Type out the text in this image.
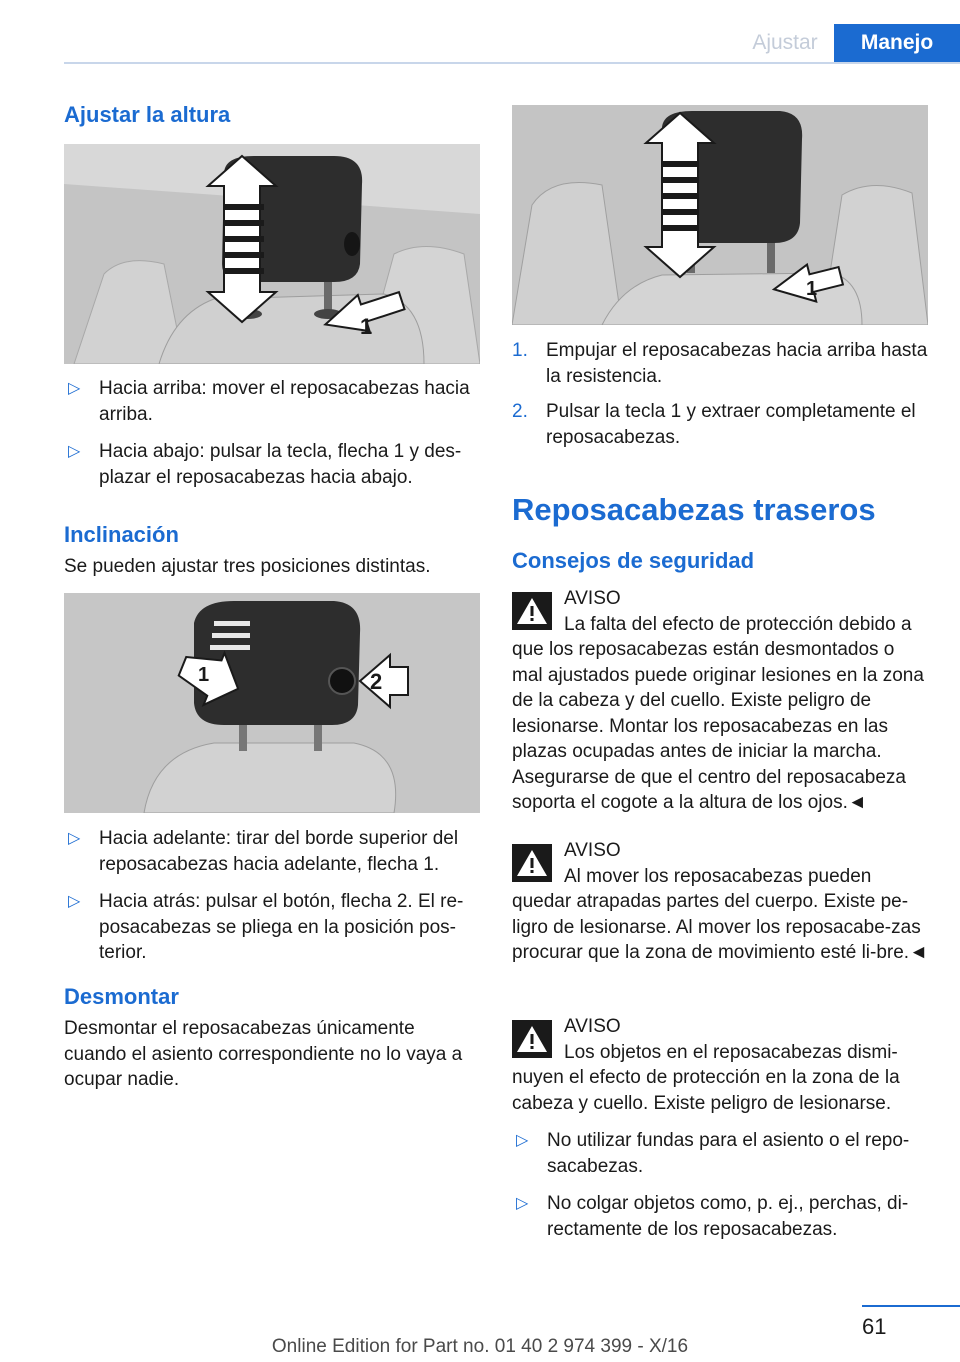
Ajustar	Manejo
Ajustar la altura
1
▷ Hacia arriba: mover el reposacabezas hacia arriba.
▷ Hacia abajo: pulsar la tecla, flecha 1 y des-plazar el reposacabezas hacia abajo.
Inclinación

Se pueden ajustar tres posiciones distintas.

1	2
▷ Hacia adelante: tirar del borde superior del reposacabezas hacia adelante, flecha 1.
▷ Hacia atrás: pulsar el botón, flecha 2. El re-posacabezas se pliega en la posición pos-terior.
Desmontar

Desmontar el reposacabezas únicamente cuando el asiento correspondiente no lo vaya a ocupar nadie.

1
1. Empujar el reposacabezas hacia arriba hasta la resistencia.
2. Pulsar la tecla 1 y extraer completamente el reposacabezas.
Reposacabezas traseros
Consejos de seguridad
AVISO
La falta del efecto de protección debido a
que los reposacabezas están desmontados o mal ajustados puede originar lesiones en la zona de la cabeza y del cuello. Existe peligro de lesionarse. Montar los reposacabezas en las plazas ocupadas antes de iniciar la marcha. Asegurarse de que el centro del reposacabeza soporta el cogote a la altura de los ojos.◄
AVISO
Al mover los reposacabezas pueden
quedar atrapadas partes del cuerpo. Existe pe-ligro de lesionarse. Al mover los reposacabe-zas procurar que la zona de movimiento esté li-bre.◄
AVISO
Los objetos en el reposacabezas dismi-
nuyen el efecto de protección en la zona de la cabeza y cuello. Existe peligro de lesionarse.
▷ No utilizar fundas para el asiento o el repo-sacabezas.
▷ No colgar objetos como, p. ej., perchas, di-rectamente de los reposacabezas.
61
Online Edition for Part no. 01 40 2 974 399 - X/16
